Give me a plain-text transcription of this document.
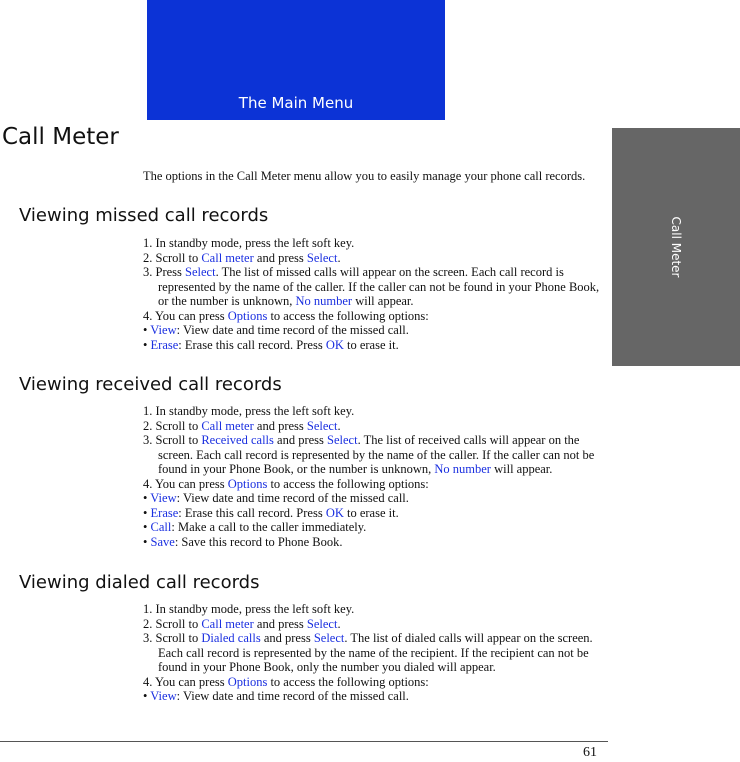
The Main Menu
Call Meter
Call Meter

The options in the Call Meter menu allow you to easily manage your phone call records.

Viewing missed call records
1. In standby mode, press the left soft key.
2. Scroll to Call meter and press Select.
3. Press Select. The list of missed calls will appear on the screen. Each call record is represented by the name of the caller. If the caller can not be found in your Phone Book, or the number is unknown, No number will appear.
4. You can press Options to access the following options:
• View: View date and time record of the missed call.
• Erase: Erase this call record. Press OK to erase it.
Viewing received call records
1. In standby mode, press the left soft key.
2. Scroll to Call meter and press Select.
3. Scroll to Received calls and press Select. The list of received calls will appear on the screen. Each call record is represented by the name of the caller. If the caller can not be found in your Phone Book, or the number is unknown, No number will appear.
4. You can press Options to access the following options:
• View: View date and time record of the missed call.
• Erase: Erase this call record. Press OK to erase it.
• Call: Make a call to the caller immediately.
• Save: Save this record to Phone Book.
Viewing dialed call records
1. In standby mode, press the left soft key.
2. Scroll to Call meter and press Select.
3. Scroll to Dialed calls and press Select. The list of dialed calls will appear on the screen. Each call record is represented by the name of the recipient. If the recipient can not be found in your Phone Book, only the number you dialed will appear.
4. You can press Options to access the following options:
• View: View date and time record of the missed call.

61
